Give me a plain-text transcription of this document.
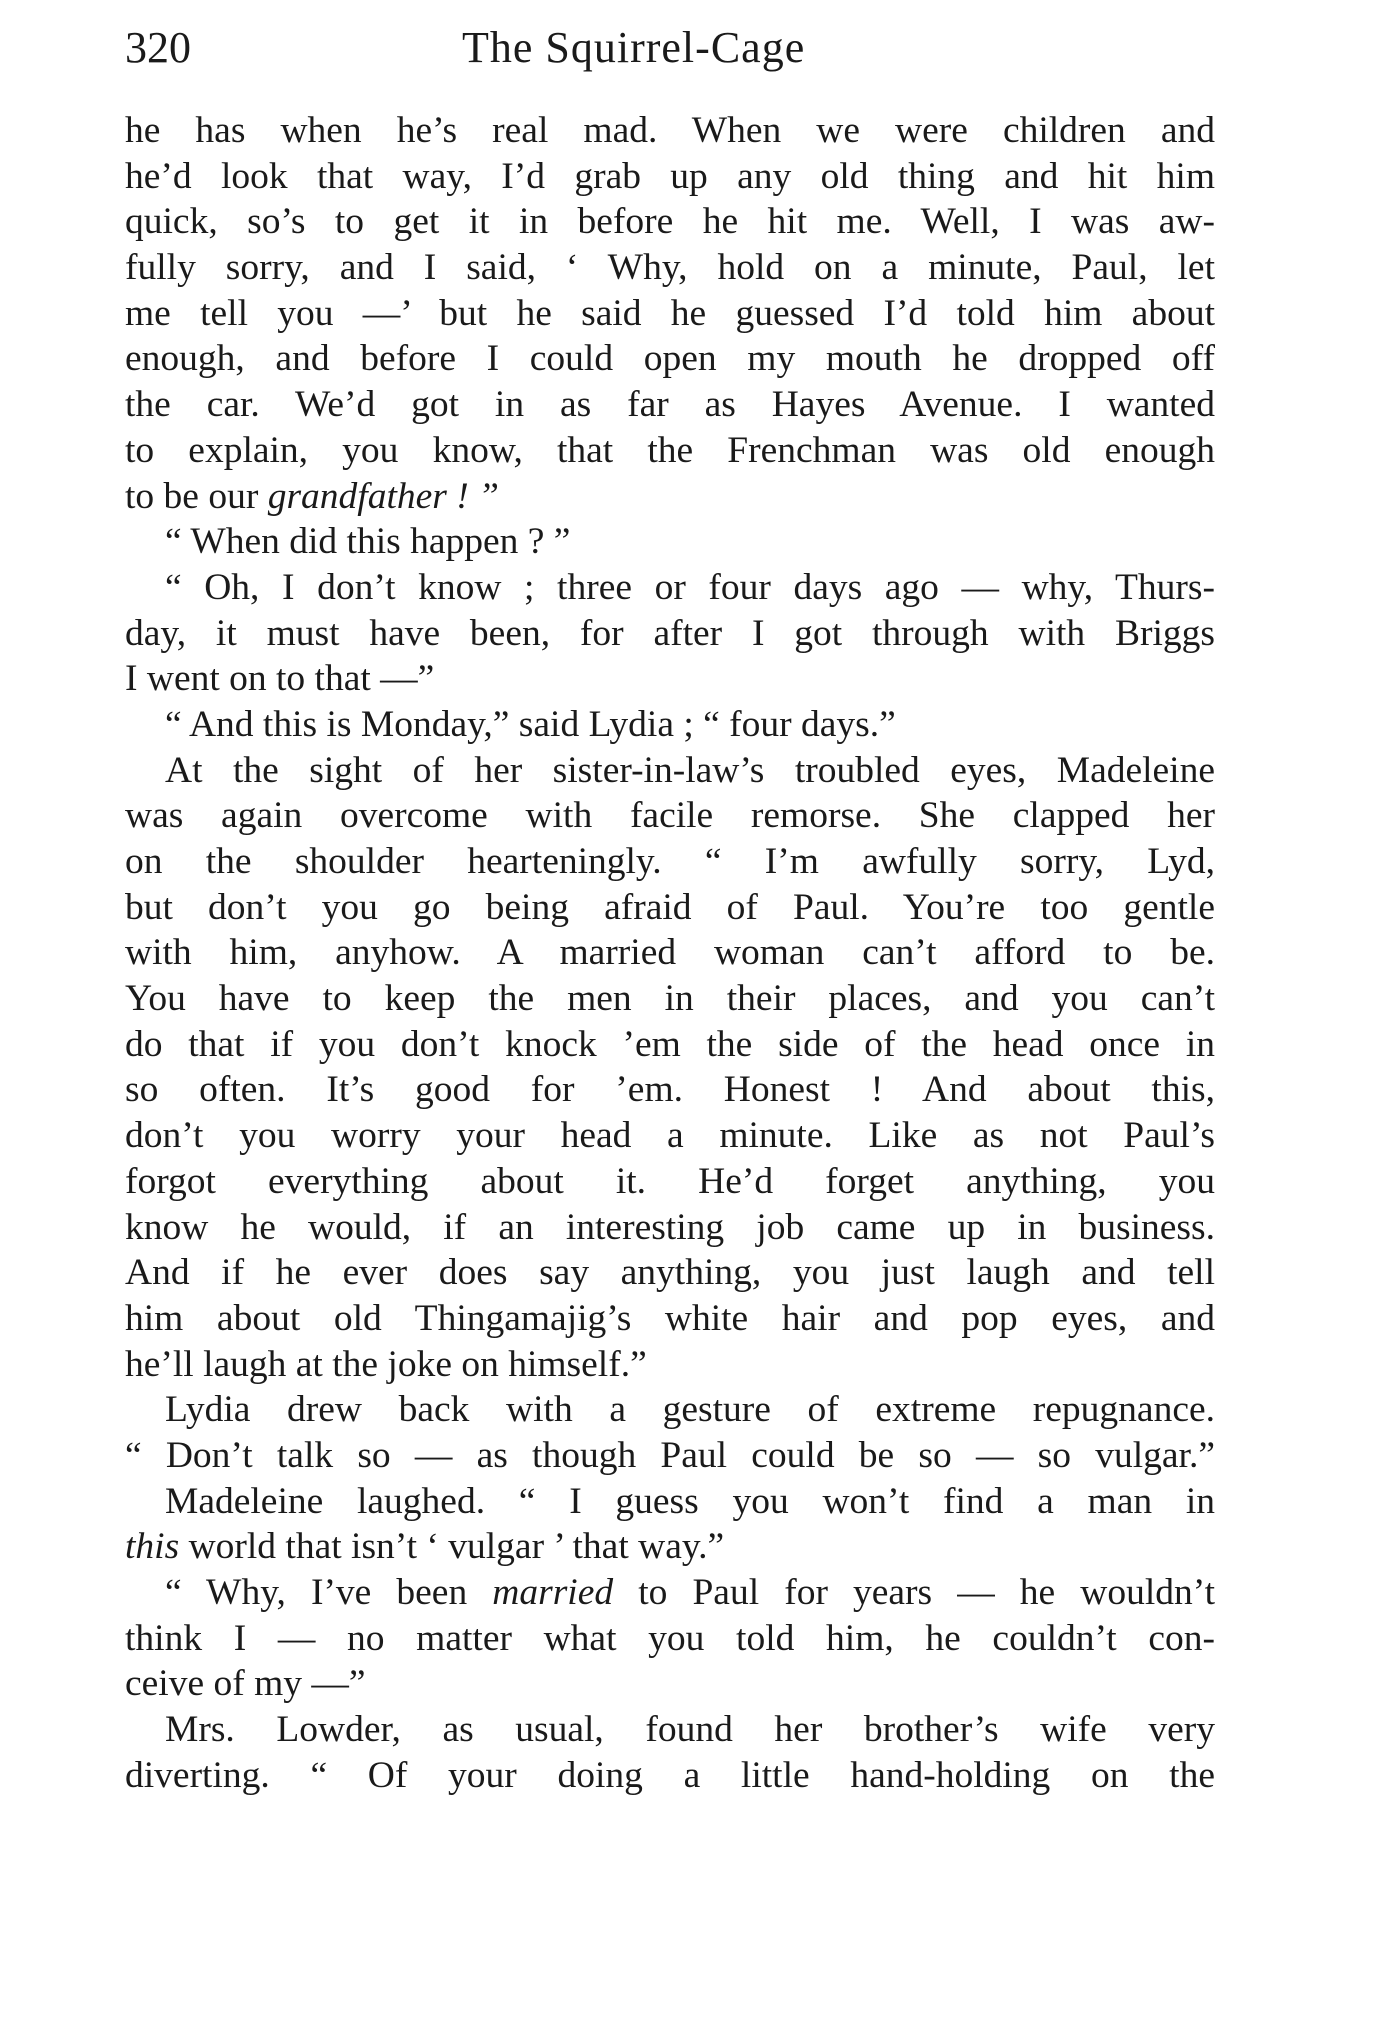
320	The Squirrel-Cage
he has when he’s real mad. When we were children and
he’d look that way, I’d grab up any old thing and hit him
quick, so’s to get it in before he hit me. Well, I was aw-
fully sorry, and I said, ‘ Why, hold on a minute, Paul, let
me tell you —’ but he said he guessed I’d told him about
enough, and before I could open my mouth he dropped off
the car. We’d got in as far as Hayes Avenue. I wanted
to explain, you know, that the Frenchman was old enough
to be our grandfather ! ”
“ When did this happen ? ”
“ Oh, I don’t know ; three or four days ago — why, Thurs-
day, it must have been, for after I got through with Briggs
I went on to that —”
“ And this is Monday,” said Lydia ; “ four days.”
At the sight of her sister-in-law’s troubled eyes, Madeleine
was again overcome with facile remorse. She clapped her
on the shoulder hearteningly. “ I’m awfully sorry, Lyd,
but don’t you go being afraid of Paul. You’re too gentle
with him, anyhow. A married woman can’t afford to be.
You have to keep the men in their places, and you can’t
do that if you don’t knock ’em the side of the head once in
so often. It’s good for ’em. Honest ! And about this,
don’t you worry your head a minute. Like as not Paul’s
forgot everything about it. He’d forget anything, you
know he would, if an interesting job came up in business.
And if he ever does say anything, you just laugh and tell
him about old Thingamajig’s white hair and pop eyes, and
he’ll laugh at the joke on himself.”
Lydia drew back with a gesture of extreme repugnance.
“ Don’t talk so — as though Paul could be so — so vulgar.”
Madeleine laughed. “ I guess you won’t find a man in
this world that isn’t ‘ vulgar ’ that way.”
“ Why, I’ve been married to Paul for years — he wouldn’t
think I — no matter what you told him, he couldn’t con-
ceive of my —”
Mrs. Lowder, as usual, found her brother’s wife very
diverting. “ Of your doing a little hand-holding on the
